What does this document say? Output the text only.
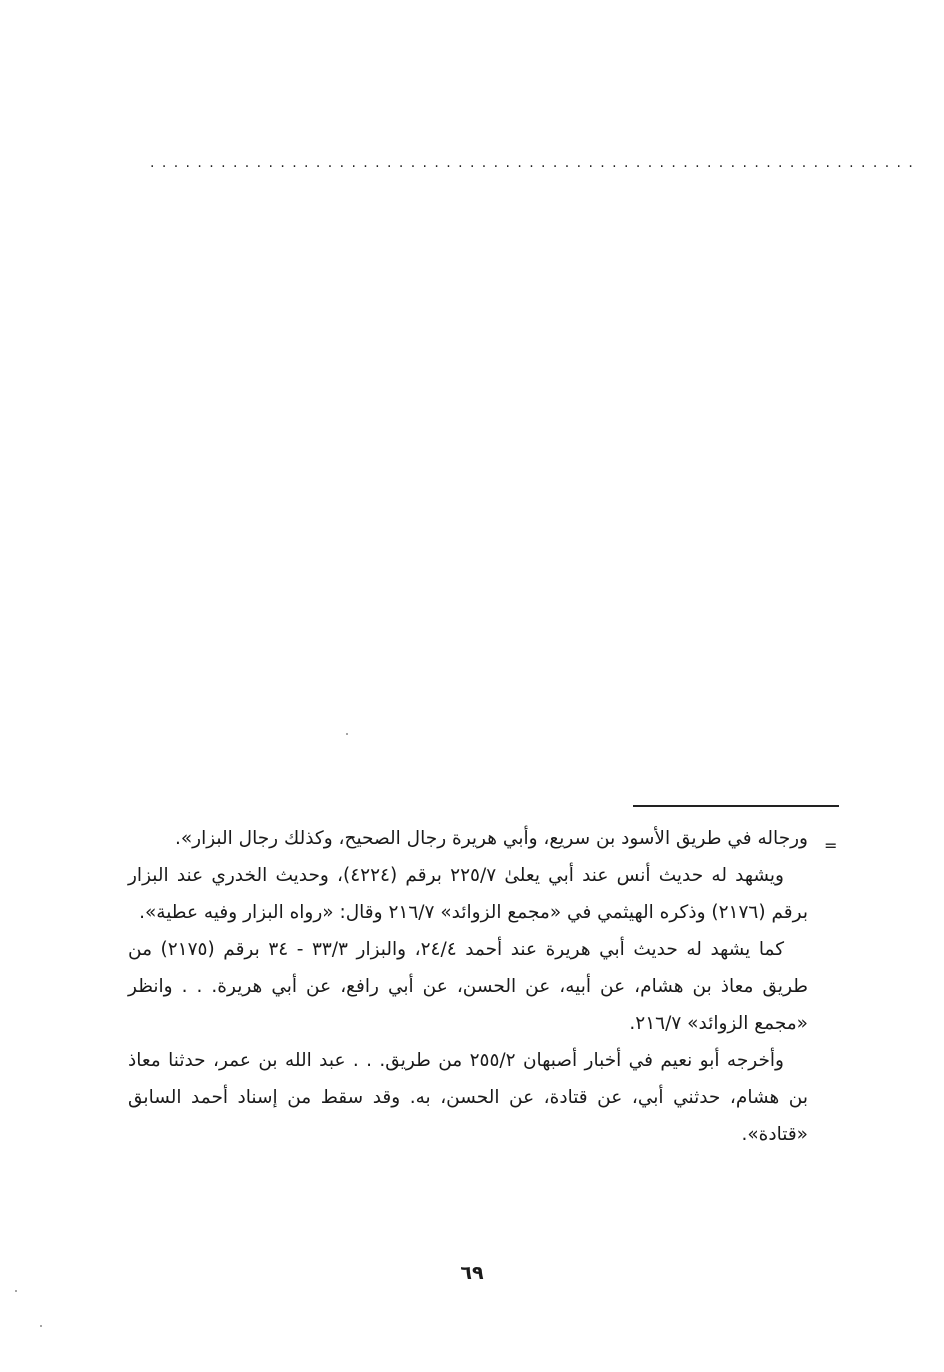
.................................................................
=

ورجاله في طريق الأسود بن سريع، وأبي هريرة رجال الصحيح، وكذلك رجال البزار».

ويشهد له حديث أنس عند أبي يعلىٰ ٢٢٥/٧ برقم (٤٢٢٤)، وحديث الخدري عند البزار برقم (٢١٧٦) وذكره الهيثمي في «مجمع الزوائد» ٢١٦/٧ وقال: «رواه البزار وفيه عطية».

كما يشهد له حديث أبي هريرة عند أحمد ٢٤/٤، والبزار ٣٣/٣ - ٣٤ برقم (٢١٧٥) من طريق معاذ بن هشام، عن أبيه، عن الحسن، عن أبي رافع، عن أبي هريرة. . . وانظر «مجمع الزوائد» ٢١٦/٧.

وأخرجه أبو نعيم في أخبار أصبهان ٢٥٥/٢ من طريق. . . عبد الله بن عمر، حدثنا معاذ بن هشام، حدثني أبي، عن قتادة، عن الحسن، به. وقد سقط من إسناد أحمد السابق «قتادة».

٦٩
